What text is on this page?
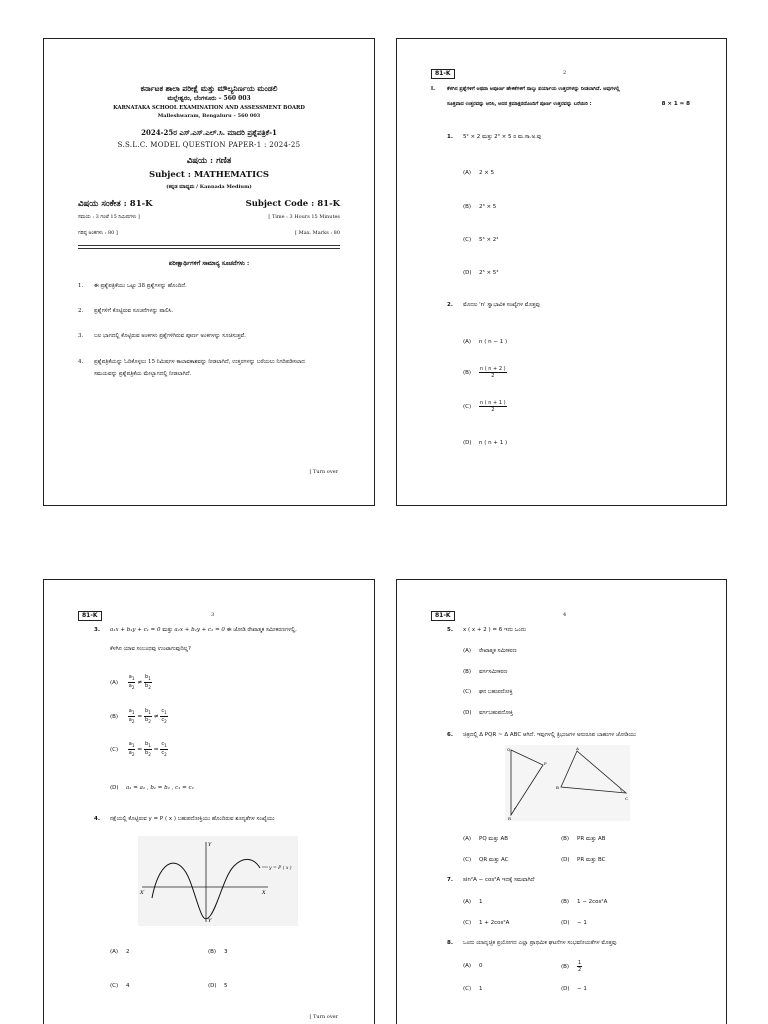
ಕರ್ನಾಟಕ ಶಾಲಾ ಪರೀಕ್ಷೆ ಮತ್ತು ಮೌಲ್ಯನಿರ್ಣಯ ಮಂಡಲಿ
ಮಲ್ಲೇಶ್ವರಂ, ಬೆಂಗಳೂರು – 560 003
KARNATAKA SCHOOL EXAMINATION AND ASSESSMENT BOARD
Malleshwaram, Bengaluru – 560 003
2024-25ರ ಎಸ್.ಎಸ್.ಎಲ್.ಸಿ. ಮಾದರಿ ಪ್ರಶ್ನೆಪತ್ರಿಕೆ-1
S.S.L.C. MODEL QUESTION PAPER-1 : 2024-25
ವಿಷಯ : ಗಣಿತ
Subject : MATHEMATICS
(ಕನ್ನಡ ಮಾಧ್ಯಮ / Kannada Medium)
ವಿಷಯ ಸಂಕೇತ : 81-K	Subject Code : 81-K
ಸಮಯ : 3 ಗಂಟೆ 15 ನಿಮಿಷಗಳು ]	[ Time : 3 Hours 15 Minutes
ಗರಿಷ್ಠ ಅಂಕಗಳು : 80 ]	[ Max. Marks : 80
ಪರೀಕ್ಷಾರ್ಥಿಗಳಿಗೆ ಸಾಮಾನ್ಯ ಸೂಚನೆಗಳು :
1. ಈ ಪ್ರಶ್ನೆಪತ್ರಿಕೆಯು ಒಟ್ಟು 38 ಪ್ರಶ್ನೆಗಳನ್ನು ಹೊಂದಿದೆ.
2. ಪ್ರಶ್ನೆಗಳಿಗೆ ಕೊಟ್ಟಿರುವ ಸೂಚನೆಗಳನ್ನು ಪಾಲಿಸಿ.
3. ಬಲ ಭಾಗದಲ್ಲಿ ಕೊಟ್ಟಿರುವ ಅಂಕಗಳು ಪ್ರಶ್ನೆಗಳಿಗಿರುವ ಪೂರ್ಣ ಅಂಕಗಳನ್ನು ಸೂಚಿಸುತ್ತವೆ.
4. ಪ್ರಶ್ನೆಪತ್ರಿಕೆಯನ್ನು ಓದಿಕೊಳ್ಳಲು 15 ನಿಮಿಷಗಳ ಕಾಲಾವಕಾಶವನ್ನು ನೀಡಲಾಗಿದೆ, ಉತ್ತರಗಳನ್ನು ಬರೆಯಲು ನಿಗದಿಪಡಿಸಲಾದ
ಸಮಯವನ್ನು ಪ್ರಶ್ನೆಪತ್ರಿಕೆಯ ಮೇಲ್ಭಾಗದಲ್ಲಿ ನೀಡಲಾಗಿದೆ.
[ Turn over
81-K	2
I. ಕೆಳಗಿನ ಪ್ರಶ್ನೆಗಳಿಗೆ ಅಥವಾ ಅಪೂರ್ಣ ಹೇಳಿಕೆಗಳಿಗೆ ನಾಲ್ಕು ಪರ್ಯಾಯ ಉತ್ತರಗಳನ್ನು ನೀಡಲಾಗಿದೆ. ಅವುಗಳಲ್ಲಿ
ಸೂಕ್ತವಾದ ಉತ್ತರವನ್ನು ಆರಿಸಿ, ಅದರ ಕ್ರಮಾಕ್ಷರದೊಂದಿಗೆ ಪೂರ್ಣ ಉತ್ತರವನ್ನು ಬರೆಯಿರಿ :	8 × 1 = 8
1. 5² × 2 ಮತ್ತು 2³ × 5 ರ ಮ.ಸಾ.ಅ.ವು
(A) 2 × 5
(B) 2³ × 5
(C) 5³ × 2⁴
(D) 2⁵ × 5³
2. ಮೊದಲ 'n' ಸ್ವಾಭಾವಿಕ ಸಂಖ್ಯೆಗಳ ಮೊತ್ತವು
(A) n ( n − 1 )
$(B) \frac{n ( n + 2 )}{2}$
$(C) \frac{n ( n + 1 )}{2}$
(D) n ( n + 1 )
81-K	3
3. a₁x + b₁y + c₁ = 0 ಮತ್ತು a₂x + b₂y + c₂ = 0 ಈ ಜೋಡಿ ರೇಖಾತ್ಮಕ ಸಮೀಕರಣಗಳಲ್ಲಿ,
ಕೆಳಗಿನ ಯಾವ ಸಂಬಂಧವು ಉಂಟಾಗುವುದಿಲ್ಲ?
$(A) \frac{a_1}{a_2} \ne \frac{b_1}{b_2}$
$(B) \frac{a_1}{a_2} = \frac{b_1}{b_2} \ne \frac{c_1}{c_2}$
$(C) \frac{a_1}{a_2} = \frac{b_1}{b_2} = \frac{c_1}{c_2}$
(D) a₁ = a₂ , b₁ = b₂ , c₁ = c₂
4. ನಕ್ಷೆಯಲ್ಲಿ ಕೊಟ್ಟಿರುವ y = P ( x ) ಬಹುಪದೋಕ್ತಿಯು ಹೊಂದಿರುವ ಶೂನ್ಯತೆಗಳ ಸಂಖ್ಯೆಯು
Y
Y′
X
X′
y = P ( x )
(A) 2	(B) 3
(C) 4	(D) 5
[ Turn over
81-K	4
5. x ( x + 2 ) = 6 ಇದು ಒಂದು
(A) ರೇಖಾತ್ಮಕ ಸಮೀಕರಣ
(B) ವರ್ಗಸಮೀಕರಣ
(C) ಘನ ಬಹುಪದೋಕ್ತಿ
(D) ವರ್ಗಬಹುಪದೋಕ್ತಿ
6. ಚಿತ್ರದಲ್ಲಿ Δ PQR ~ Δ ABC ಆಗಿದೆ. ಇವುಗಳಲ್ಲಿ ತ್ರಿಭುಜಗಳ ಅನುರೂಪ ಬಾಹುಗಳ ಜೋಡಿಯು
Q
P
R
A
B
C
(A) PQ ಮತ್ತು AB	(B) PR ಮತ್ತು AB
(C) QR ಮತ್ತು AC	(D) PR ಮತ್ತು BC
7. sin²A − cos²A ಇದಕ್ಕೆ ಸಮವಾಗಿದೆ
(A) 1	(B) 1 − 2cos²A
(C) 1 + 2cos²A	(D) − 1
8. ಒಂದು ಯಾದೃಚ್ಛಿಕ ಪ್ರಯೋಗದ ಎಲ್ಲಾ ಪ್ರಾಥಮಿಕ ಘಟನೆಗಳ ಸಂಭವನೀಯತೆಗಳ ಮೊತ್ತವು
(A) 0	$(B) \frac{1}{2}$
(C) 1	(D) − 1
